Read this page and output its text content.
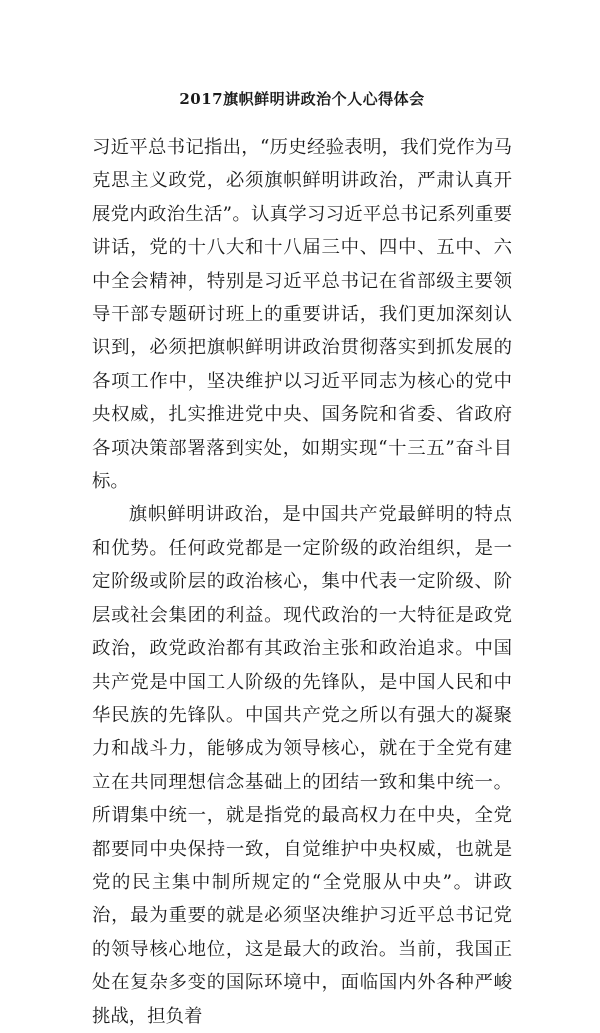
2017旗帜鲜明讲政治个人心得体会

习近平总书记指出，“历史经验表明，我们党作为马克思主义政党，必须旗帜鲜明讲政治，严肃认真开展党内政治生活”。认真学习习近平总书记系列重要讲话，党的十八大和十八届三中、四中、五中、六中全会精神，特别是习近平总书记在省部级主要领导干部专题研讨班上的重要讲话，我们更加深刻认识到，必须把旗帜鲜明讲政治贯彻落实到抓发展的各项工作中，坚决维护以习近平同志为核心的党中央权威，扎实推进党中央、国务院和省委、省政府各项决策部署落到实处，如期实现“十三五”奋斗目标。

旗帜鲜明讲政治，是中国共产党最鲜明的特点和优势。任何政党都是一定阶级的政治组织，是一定阶级或阶层的政治核心，集中代表一定阶级、阶层或社会集团的利益。现代政治的一大特征是政党政治，政党政治都有其政治主张和政治追求。中国共产党是中国工人阶级的先锋队，是中国人民和中华民族的先锋队。中国共产党之所以有强大的凝聚力和战斗力，能够成为领导核心，就在于全党有建立在共同理想信念基础上的团结一致和集中统一。所谓集中统一，就是指党的最高权力在中央，全党都要同中央保持一致，自觉维护中央权威，也就是党的民主集中制所规定的“全党服从中央”。讲政治，最为重要的就是必须坚决维护习近平总书记党的领导核心地位，这是最大的政治。当前，我国正处在复杂多变的国际环境中，面临国内外各种严峻挑战，担负着
